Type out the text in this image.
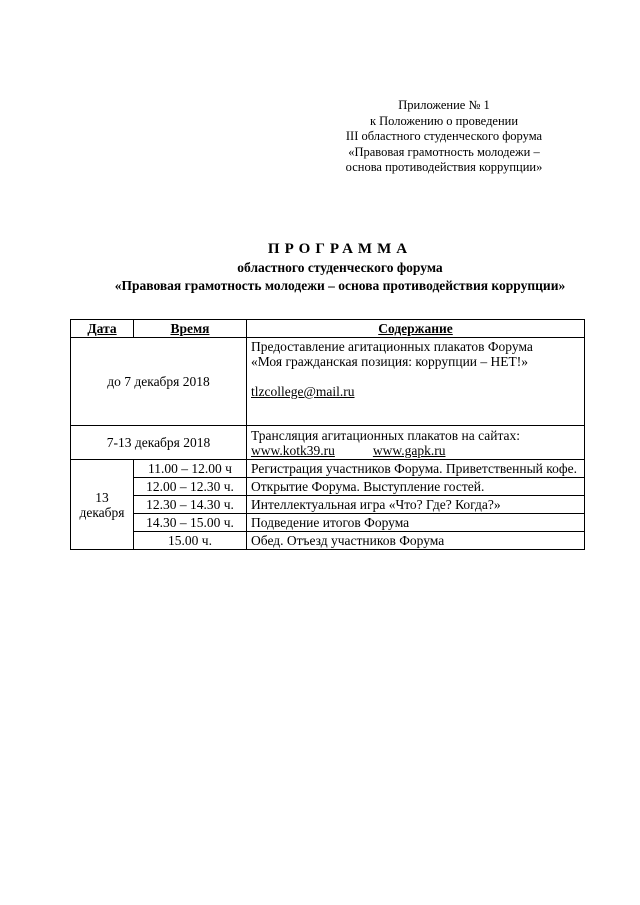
Приложение № 1
к Положению о проведении
III областного студенческого форума
«Правовая грамотность молодежи –
основа противодействия коррупции»
ПРОГРАММА
областного студенческого форума
«Правовая грамотность молодежи – основа противодействия коррупции»
Дата	Время	Содержание
до 7 декабря 2018		Предоставление агитационных плакатов Форума
«Моя гражданская позиция: коррупции – НЕТ!»
tlzcollege@mail.ru

7-13 декабря 2018		Трансляция агитационных плакатов на сайтах:
www.kotk39.ru www.gapk.ru

13
декабря	11.00 – 12.00 ч	Регистрация участников Форума. Приветственный кофе.
	12.00 – 12.30 ч.	Открытие Форума. Выступление гостей.
	12.30 – 14.30 ч.	Интеллектуальная игра «Что? Где? Когда?»
	14.30 – 15.00 ч.	Подведение итогов Форума
	15.00 ч.	Обед. Отъезд участников Форума
